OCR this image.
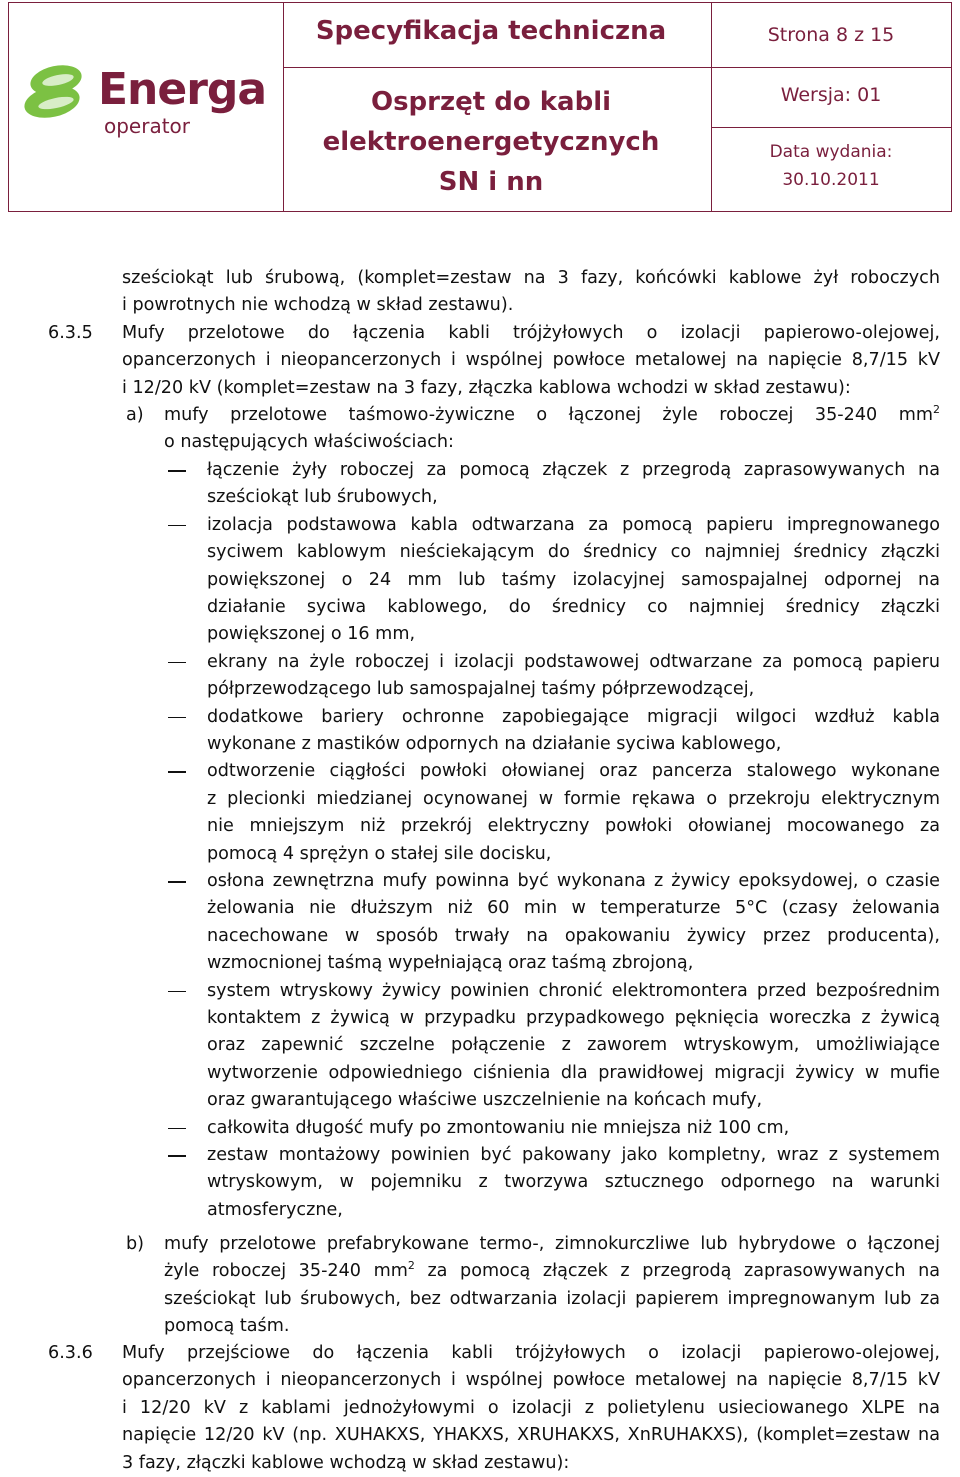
Energa
operator
Specyfikacja techniczna
Osprzęt do kabli
elektroenergetycznych
SN i nn
Strona 8 z 15
Wersja: 01
Data wydania:
30.10.2011
sześciokąt lub śrubową, (komplet=zestaw na 3 fazy, końcówki kablowe żył roboczych
i powrotnych nie wchodzą w skład zestawu).
6.3.5 Mufy przelotowe do łączenia kabli trójżyłowych o izolacji papierowo-olejowej,
opancerzonych i nieopancerzonych i wspólnej powłoce metalowej na napięcie 8,7/15 kV
i 12/20 kV (komplet=zestaw na 3 fazy, złączka kablowa wchodzi w skład zestawu):
a) mufy przelotowe taśmowo-żywiczne o łączonej żyle roboczej 35-240 $mm^2$
o następujących właściwościach:
łączenie żyły roboczej za pomocą złączek z przegrodą zaprasowywanych na
sześciokąt lub śrubowych,
izolacja podstawowa kabla odtwarzana za pomocą papieru impregnowanego
syciwem kablowym nieściekającym do średnicy co najmniej średnicy złączki
powiększonej o 24 mm lub taśmy izolacyjnej samospajalnej odpornej na
działanie syciwa kablowego, do średnicy co najmniej średnicy złączki
powiększonej o 16 mm,
ekrany na żyle roboczej i izolacji podstawowej odtwarzane za pomocą papieru
półprzewodzącego lub samospajalnej taśmy półprzewodzącej,
dodatkowe bariery ochronne zapobiegające migracji wilgoci wzdłuż kabla
wykonane z mastików odpornych na działanie syciwa kablowego,
odtworzenie ciągłości powłoki ołowianej oraz pancerza stalowego wykonane
z plecionki miedzianej ocynowanej w formie rękawa o przekroju elektrycznym
nie mniejszym niż przekrój elektryczny powłoki ołowianej mocowanego za
pomocą 4 sprężyn o stałej sile docisku,
osłona zewnętrzna mufy powinna być wykonana z żywicy epoksydowej, o czasie
żelowania nie dłuższym niż 60 min w temperaturze 5°C (czasy żelowania
nacechowane w sposób trwały na opakowaniu żywicy przez producenta),
wzmocnionej taśmą wypełniającą oraz taśmą zbrojoną,
system wtryskowy żywicy powinien chronić elektromontera przed bezpośrednim
kontaktem z żywicą w przypadku przypadkowego pęknięcia woreczka z żywicą
oraz zapewnić szczelne połączenie z zaworem wtryskowym, umożliwiające
wytworzenie odpowiedniego ciśnienia dla prawidłowej migracji żywicy w mufie
oraz gwarantującego właściwe uszczelnienie na końcach mufy,
całkowita długość mufy po zmontowaniu nie mniejsza niż 100 cm,
zestaw montażowy powinien być pakowany jako kompletny, wraz z systemem
wtryskowym, w pojemniku z tworzywa sztucznego odpornego na warunki
atmosferyczne,
b) mufy przelotowe prefabrykowane termo-, zimnokurczliwe lub hybrydowe o łączonej
żyle roboczej 35-240 $mm^2$ za pomocą złączek z przegrodą zaprasowywanych na
sześciokąt lub śrubowych, bez odtwarzania izolacji papierem impregnowanym lub za
pomocą taśm.
6.3.6 Mufy przejściowe do łączenia kabli trójżyłowych o izolacji papierowo-olejowej,
opancerzonych i nieopancerzonych i wspólnej powłoce metalowej na napięcie 8,7/15 kV
i 12/20 kV z kablami jednożyłowymi o izolacji z polietylenu usieciowanego XLPE na
napięcie 12/20 kV (np. XUHAKXS, YHAKXS, XRUHAKXS, XnRUHAKXS), (komplet=zestaw na
3 fazy, złączki kablowe wchodzą w skład zestawu):
